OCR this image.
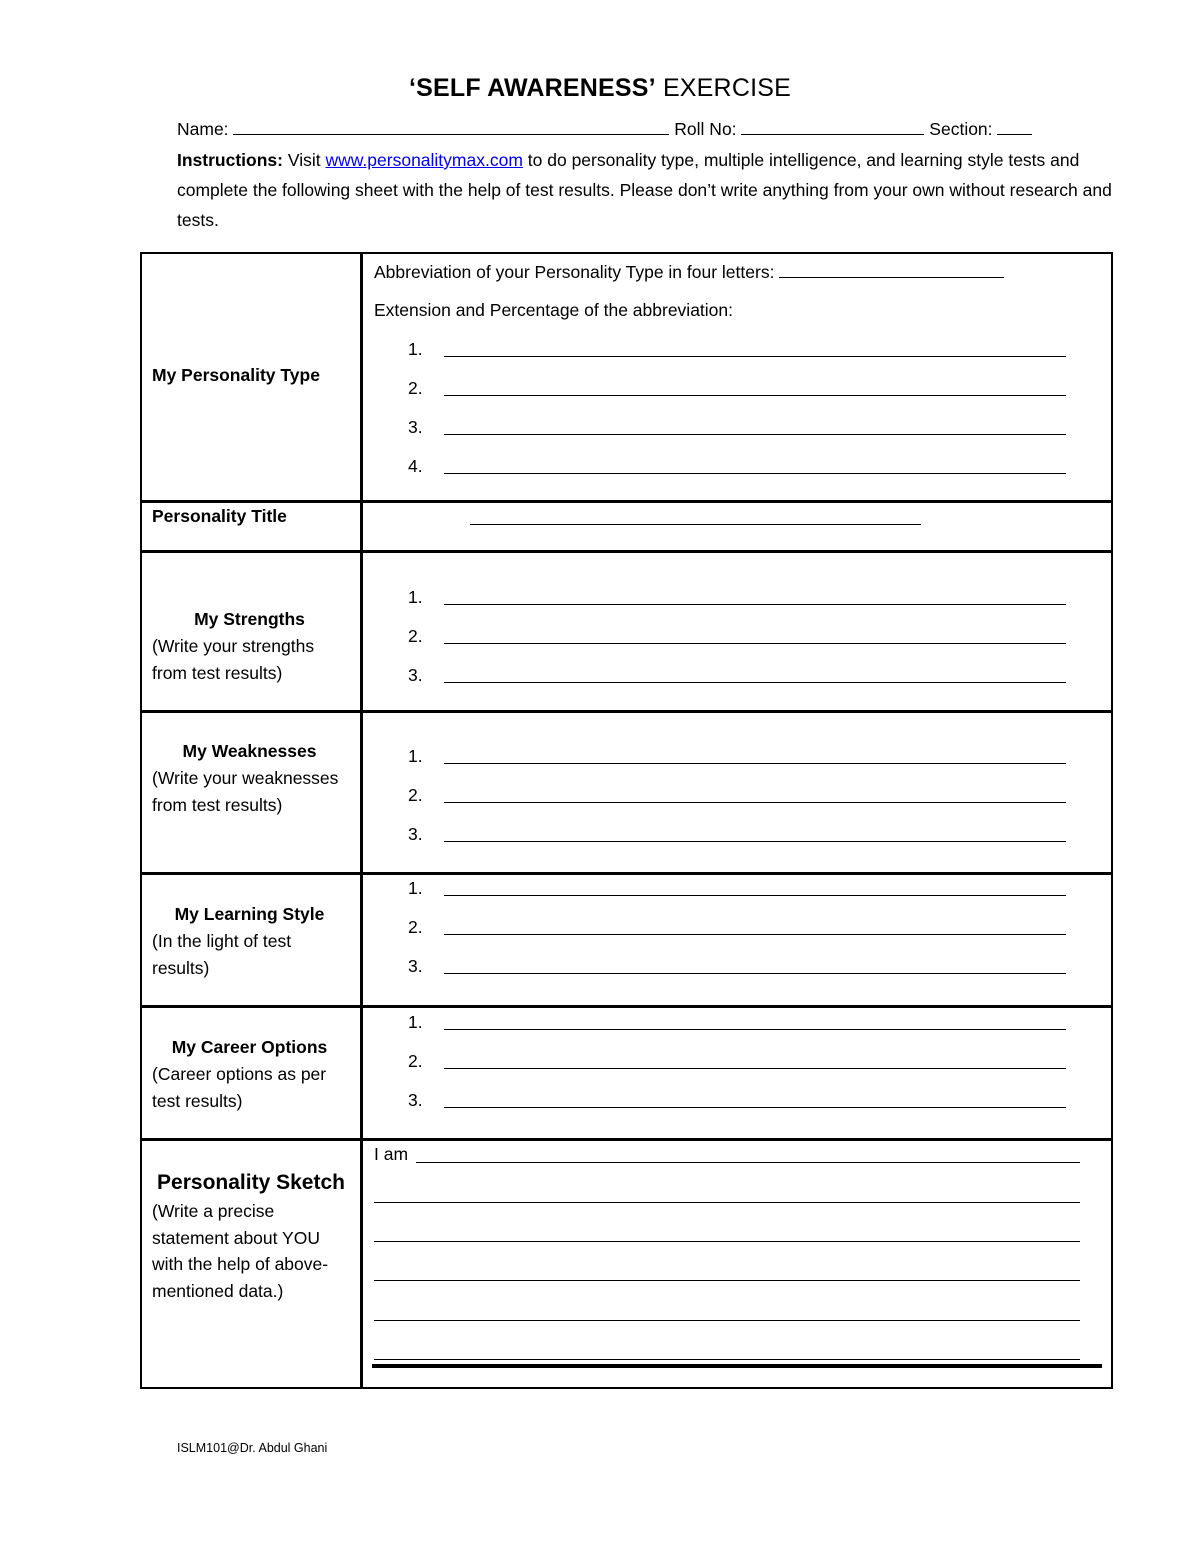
‘SELF AWARENESS’ EXERCISE
Name:	Roll No:	Section:
Instructions: Visit www.personalitymax.com to do personality type, multiple intelligence, and learning style tests and complete the following sheet with the help of test results. Please don’t write anything from your own without research and tests.
My Personality Type
Abbreviation of your Personality Type in four letters:
Extension and Percentage of the abbreviation:
1.
2.
3.
4.
Personality Title
My Strengths
(Write your strengths from test results)
1.
2.
3.
My Weaknesses
(Write your weaknesses from test results)
1.
2.
3.
My Learning Style
(In the light of test results)
1.
2.
3.
My Career Options
(Career options as per test results)
1.
2.
3.
Personality Sketch
(Write a precise statement about YOU with the help of above-mentioned data.)
I am
ISLM101@Dr. Abdul Ghani
